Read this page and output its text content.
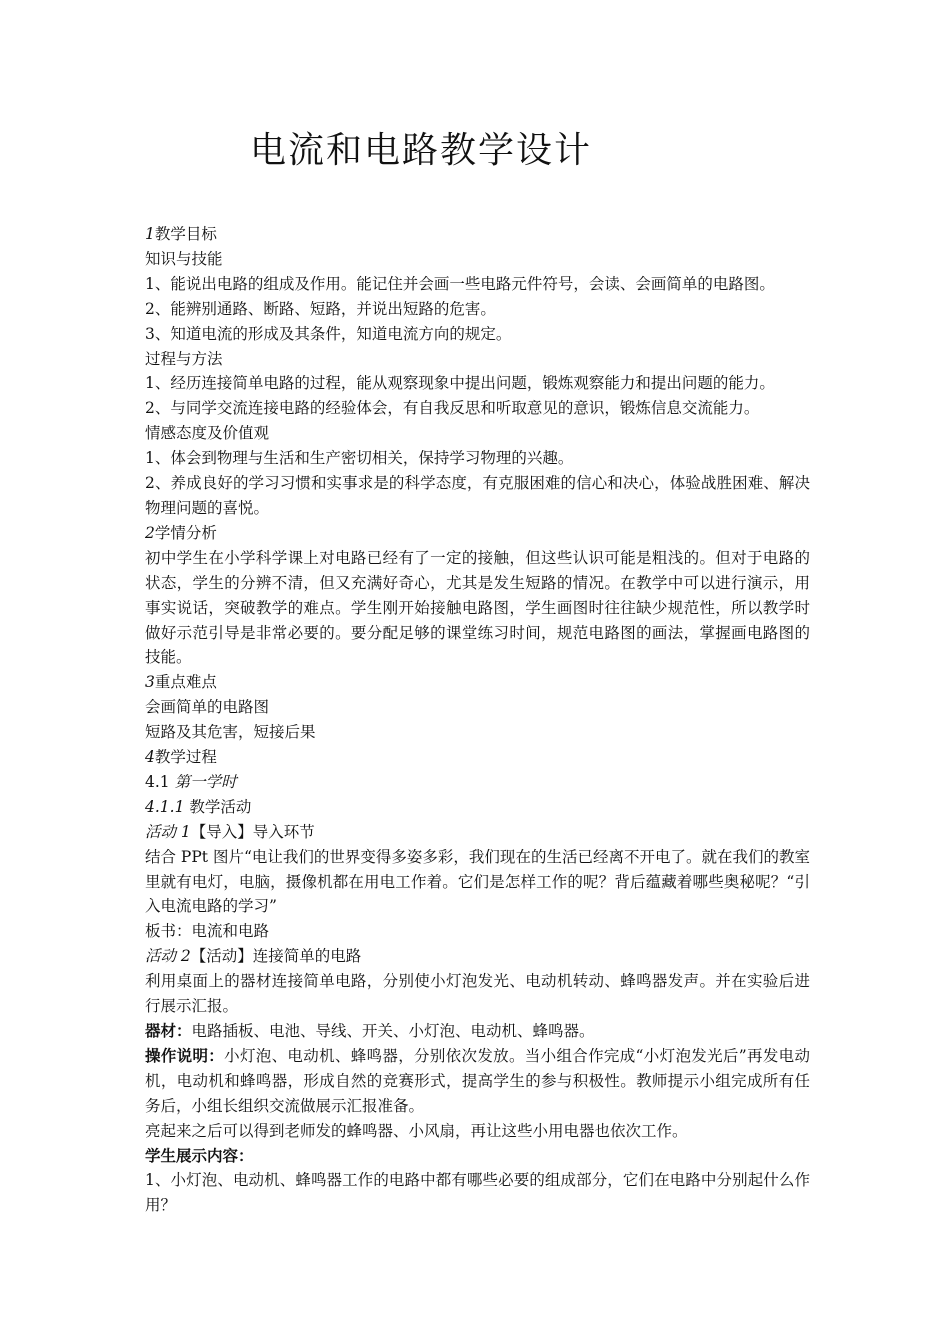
电流和电路教学设计

1教学目标

知识与技能

1、能说出电路的组成及作用。能记住并会画一些电路元件符号，会读、会画简单的电路图。

2、能辨别通路、断路、短路，并说出短路的危害。

3、知道电流的形成及其条件，知道电流方向的规定。

过程与方法

1、经历连接简单电路的过程，能从观察现象中提出问题，锻炼观察能力和提出问题的能力。

2、与同学交流连接电路的经验体会，有自我反思和听取意见的意识，锻炼信息交流能力。

情感态度及价值观

1、体会到物理与生活和生产密切相关，保持学习物理的兴趣。

2、养成良好的学习习惯和实事求是的科学态度，有克服困难的信心和决心，体验战胜困难、解决物理问题的喜悦。

2学情分析

初中学生在小学科学课上对电路已经有了一定的接触，但这些认识可能是粗浅的。但对于电路的状态，学生的分辨不清，但又充满好奇心，尤其是发生短路的情况。在教学中可以进行演示，用事实说话，突破教学的难点。学生刚开始接触电路图，学生画图时往往缺少规范性，所以教学时做好示范引导是非常必要的。要分配足够的课堂练习时间，规范电路图的画法，掌握画电路图的技能。

3重点难点

会画简单的电路图

短路及其危害，短接后果

4教学过程

4.1 第一学时

4.1.1 教学活动

活动 1【导入】导入环节

结合 PPt 图片“电让我们的世界变得多姿多彩，我们现在的生活已经离不开电了。就在我们的教室里就有电灯，电脑，摄像机都在用电工作着。它们是怎样工作的呢？背后蕴藏着哪些奥秘呢？“引入电流电路的学习”

板书：电流和电路

活动 2【活动】连接简单的电路

利用桌面上的器材连接简单电路，分别使小灯泡发光、电动机转动、蜂鸣器发声。并在实验后进行展示汇报。

器材：电路插板、电池、导线、开关、小灯泡、电动机、蜂鸣器。

操作说明：小灯泡、电动机、蜂鸣器，分别依次发放。当小组合作完成“小灯泡发光后”再发电动机，电动机和蜂鸣器，形成自然的竞赛形式，提高学生的参与积极性。教师提示小组完成所有任务后，小组长组织交流做展示汇报准备。

亮起来之后可以得到老师发的蜂鸣器、小风扇，再让这些小用电器也依次工作。

学生展示内容：

1、小灯泡、电动机、蜂鸣器工作的电路中都有哪些必要的组成部分，它们在电路中分别起什么作用？
